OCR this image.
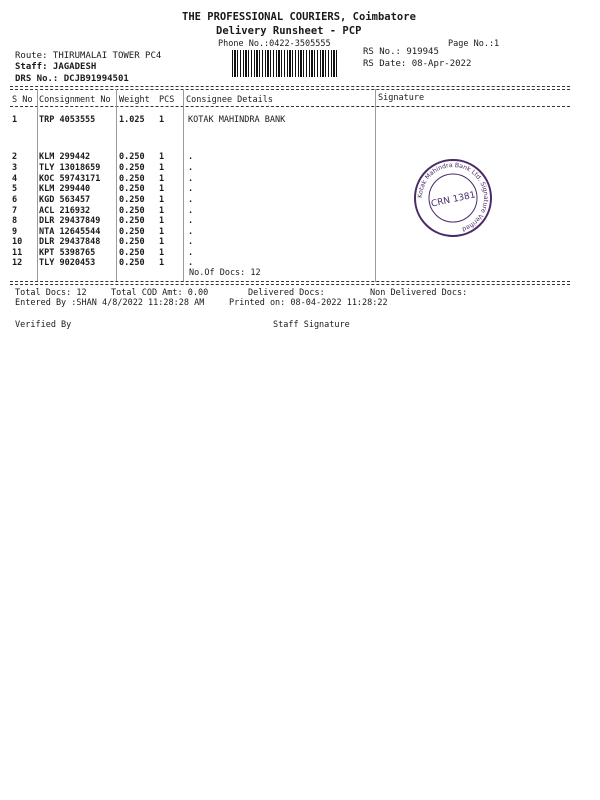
THE PROFESSIONAL COURIERS, Coimbatore
Delivery Runsheet - PCP
Phone No.:0422-3505555	Page No.:1
Route: THIRUMALAI TOWER PC4
Staff: JAGADESH
DRS No.: DCJB91994501
RS No.: 919945
RS Date: 08-Apr-2022
S No Consignment No Weight PCS Consignee Details	Signature
1	TRP 4053555	1.025 1	KOTAK MAHINDRA BANK
2	KLM 299442	0.250 1	.
3	TLY 13018659 0.250 1	.
4	KOC 59743171 0.250 1	.
5	KLM 299440	0.250 1	.
6	KGD 563457	0.250 1	.
7	ACL 216932	0.250 1	.
8	DLR 29437849 0.250 1	.
9	NTA 12645544 0.250 1	.
10 DLR 29437848 0.250 1	.
11 KPT 5398765	0.250 1	.
12 TLY 9020453	0.250 1	.
No.Of Docs: 12
Total Docs: 12	Total COD Amt: 0.00	Delivered Docs:	Non Delivered Docs:
Entered By :SHAN 4/8/2022 11:28:28 AM	Printed on: 08-04-2022 11:28:22
Verified By	Staff Signature
Kotak Mahindra Bank Ltd. Signature Verified
CRN 1381
